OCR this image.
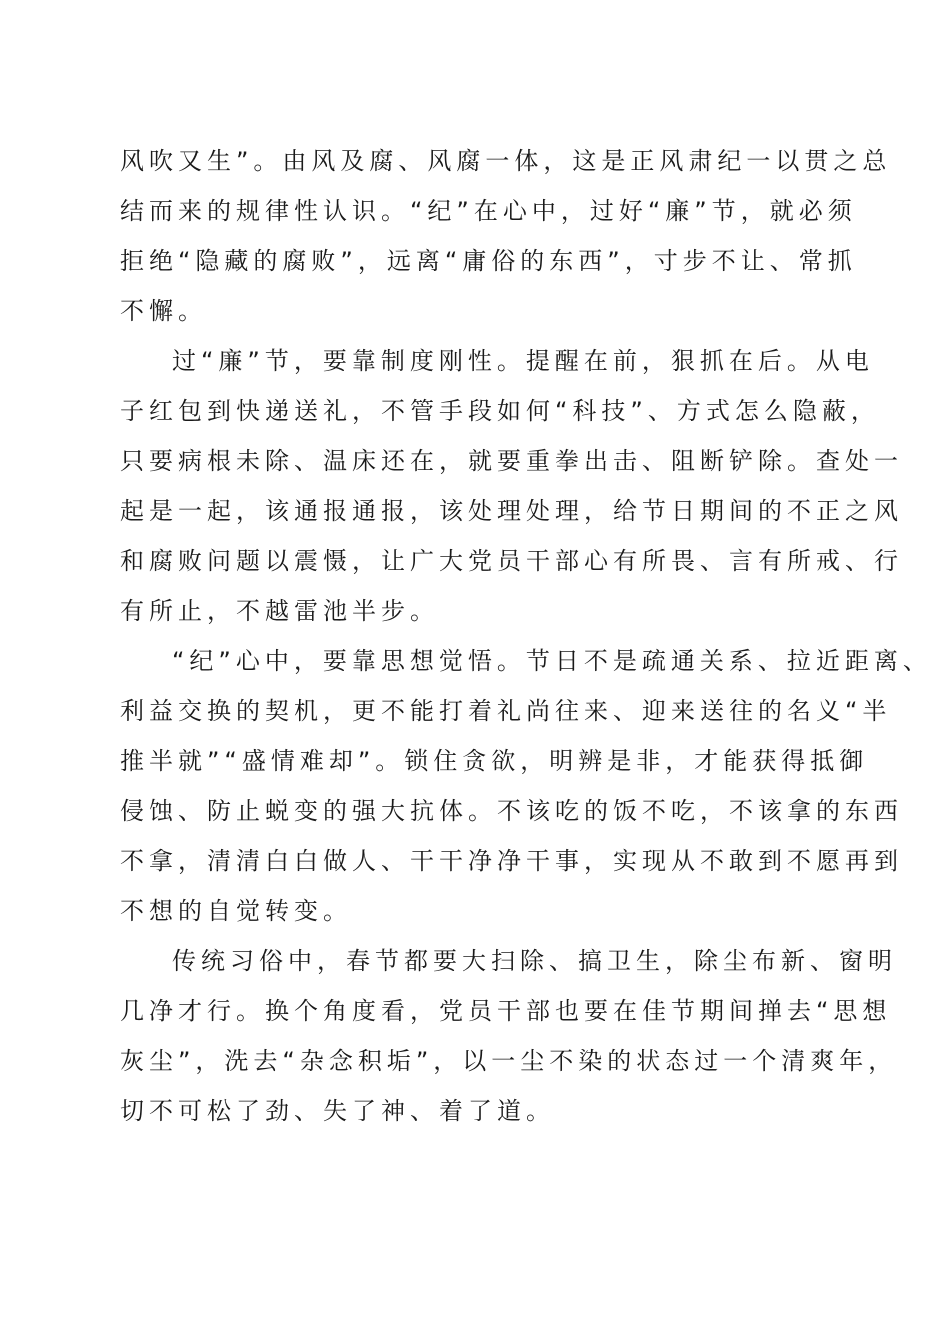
风吹又生”。由风及腐、风腐一体，这是正风肃纪一以贯之总
结而来的规律性认识。“纪”在心中，过好“廉”节，就必须
拒绝“隐藏的腐败”，远离“庸俗的东西”，寸步不让、常抓
不懈。
过“廉”节，要靠制度刚性。提醒在前，狠抓在后。从电
子红包到快递送礼，不管手段如何“科技”、方式怎么隐蔽，
只要病根未除、温床还在，就要重拳出击、阻断铲除。查处一
起是一起，该通报通报，该处理处理，给节日期间的不正之风
和腐败问题以震慑，让广大党员干部心有所畏、言有所戒、行
有所止，不越雷池半步。
“纪”心中，要靠思想觉悟。节日不是疏通关系、拉近距离、
利益交换的契机，更不能打着礼尚往来、迎来送往的名义“半
推半就”“盛情难却”。锁住贪欲，明辨是非，才能获得抵御
侵蚀、防止蜕变的强大抗体。不该吃的饭不吃，不该拿的东西
不拿，清清白白做人、干干净净干事，实现从不敢到不愿再到
不想的自觉转变。
传统习俗中，春节都要大扫除、搞卫生，除尘布新、窗明
几净才行。换个角度看，党员干部也要在佳节期间掸去“思想
灰尘”，洗去“杂念积垢”，以一尘不染的状态过一个清爽年，
切不可松了劲、失了神、着了道。
